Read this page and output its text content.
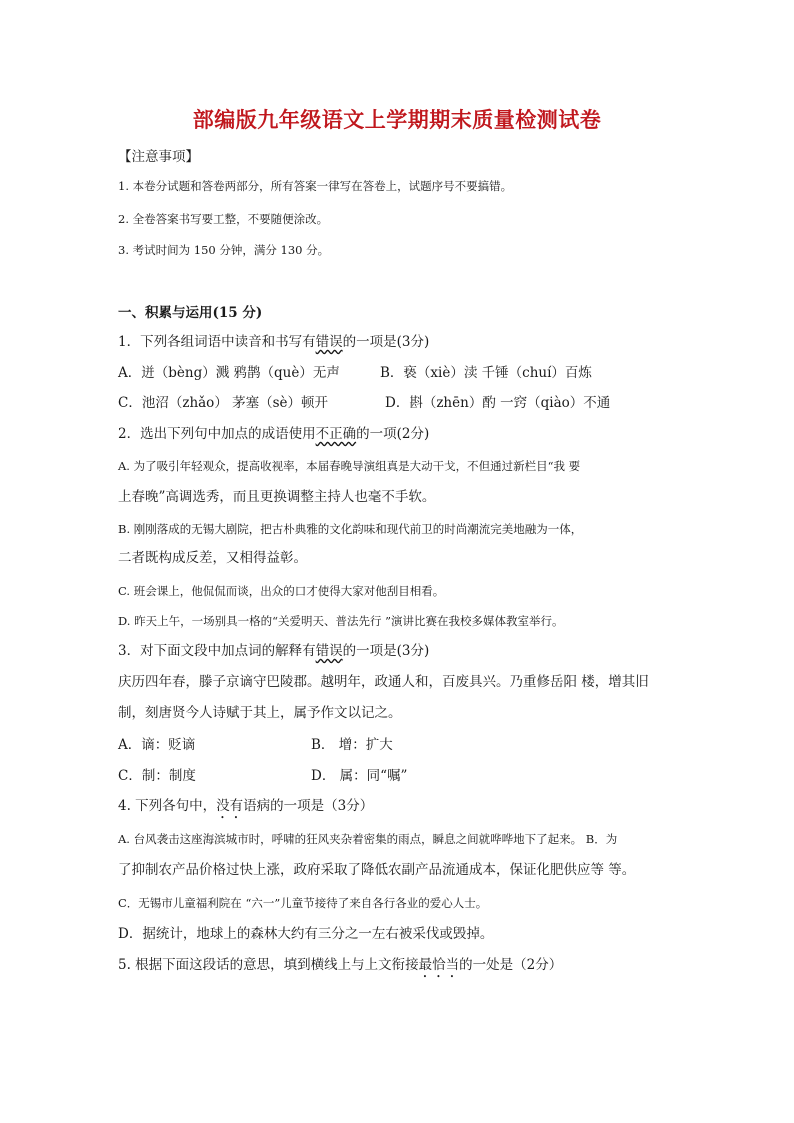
部编版九年级语文上学期期末质量检测试卷
【注意事项】
1. 本卷分试题和答卷两部分，所有答案一律写在答卷上，试题序号不要搞错。
2. 全卷答案书写要工整，不要随便涂改。
3. 考试时间为 150 分钟，满分 130 分。
一、积累与运用(15 分)
1．下列各组词语中读音和书写有错误的一项是(3分)
A．迸（bèng）溅 鸦鹊（què）无声	B．亵（xiè）渎 千锤（chuí）百炼
C．池沼（zhǎo） 茅塞（sè）顿开	D．斟（zhēn）酌 一窍（qiào）不通
2．选出下列句中加点的成语使用不正确的一项(2分)
A. 为了吸引年轻观众，提高收视率，本届春晚导演组真是大动干戈，不但通过新栏目“我 要
上春晚”高调选秀，而且更换调整主持人也毫不手软。
B. 刚刚落成的无锡大剧院，把古朴典雅的文化韵味和现代前卫的时尚潮流完美地融为一体，
二者既构成反差，又相得益彰。
C. 班会课上，他侃侃而谈，出众的口才使得大家对他刮目相看。
D. 昨天上午，一场别具一格的“关爱明天、普法先行 ”演讲比赛在我校多媒体教室举行。
3．对下面文段中加点词的解释有错误的一项是(3分)
庆历四年春，滕子京谪守巴陵郡。越明年，政通人和，百废具兴。乃重修岳阳 楼，增其旧
制，刻唐贤今人诗赋于其上，属予作文以记之。
A．谪：贬谪	B． 增：扩大
C．制：制度	D． 属：同“嘱”
4. 下列各句中，没有语病的一项是（3分）
A. 台风袭击这座海滨城市时，呼啸的狂风夹杂着密集的雨点，瞬息之间就哗哗地下了起来。 B．为
了抑制农产品价格过快上涨，政府采取了降低农副产品流通成本，保证化肥供应等 等。
C．无锡市儿童福利院在 “六一”儿童节接待了来自各行各业的爱心人士。
D．据统计，地球上的森林大约有三分之一左右被采伐或毁掉。
5. 根据下面这段话的意思，填到横线上与上文衔接最恰当的一处是（2分）
